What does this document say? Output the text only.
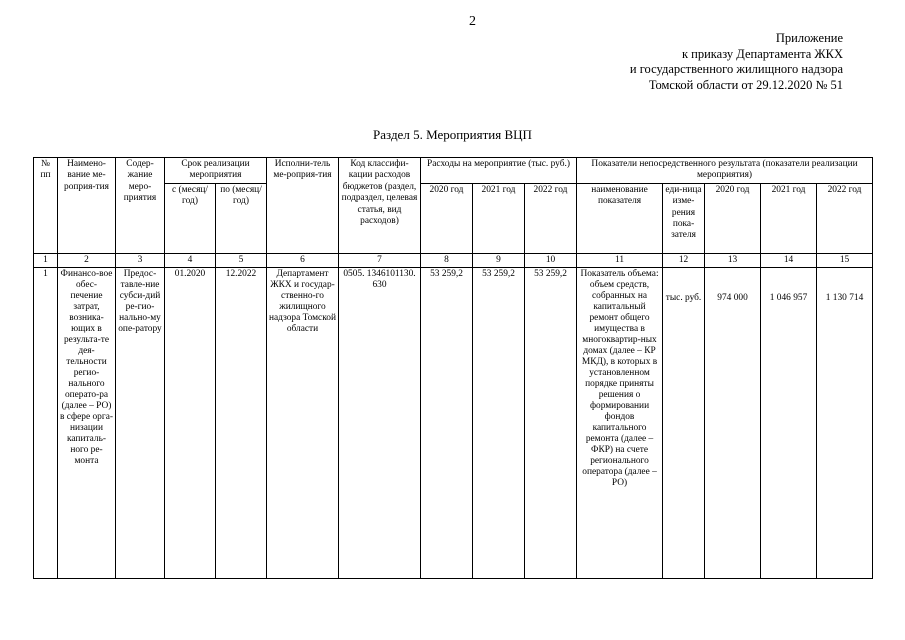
2
Приложение
к приказу Департамента ЖКХ
и государственного жилищного надзора
Томской области от 29.12.2020 № 51
Раздел 5. Мероприятия ВЦП
№ пп	Наимено-вание ме-роприя-тия	Содер-жание меро-приятия	Срок реализации мероприятия		Исполни-тель ме-роприя-тия	Код классифи-кации расходов бюджетов (раздел, подраздел, целевая статья, вид расходов)	Расходы на мероприятие (тыс. руб.)			Показатели непосредственного результата (показатели реализации мероприятия)				
			с (месяц/ год)	по (месяц/ год)			2020 год	2021 год	2022 год	наименование показателя	еди-ница изме-рения пока-зателя	2020 год	2021 год	2022 год
1	2	3	4	5	6	7	8	9	10	11	12	13	14	15
1	Финансо-вое обес-печение затрат, возника-ющих в результа-те дея-тельности регио-нального операто-ра (далее – РО) в сфере орга-низации капиталь-ного ре-монта	Предос-тавле-ние субси-дий ре-гио-нально-му опе-ратору	01.2020	12.2022	Департамент ЖКХ и государ-ственно-го жилищного надзора Томской области	0505. 1346101130. 630	53 259,2	53 259,2	53 259,2	Показатель объема: объем средств, собранных на капитальный ремонт общего имущества в многоквартир-ных домах (далее – КР МКД), в которых в установленном порядке приняты решения о формировании фондов капитального ремонта (далее – ФКР) на счете регионального оператора (далее – РО)	тыс. руб.	974 000	1 046 957	1 130 714
